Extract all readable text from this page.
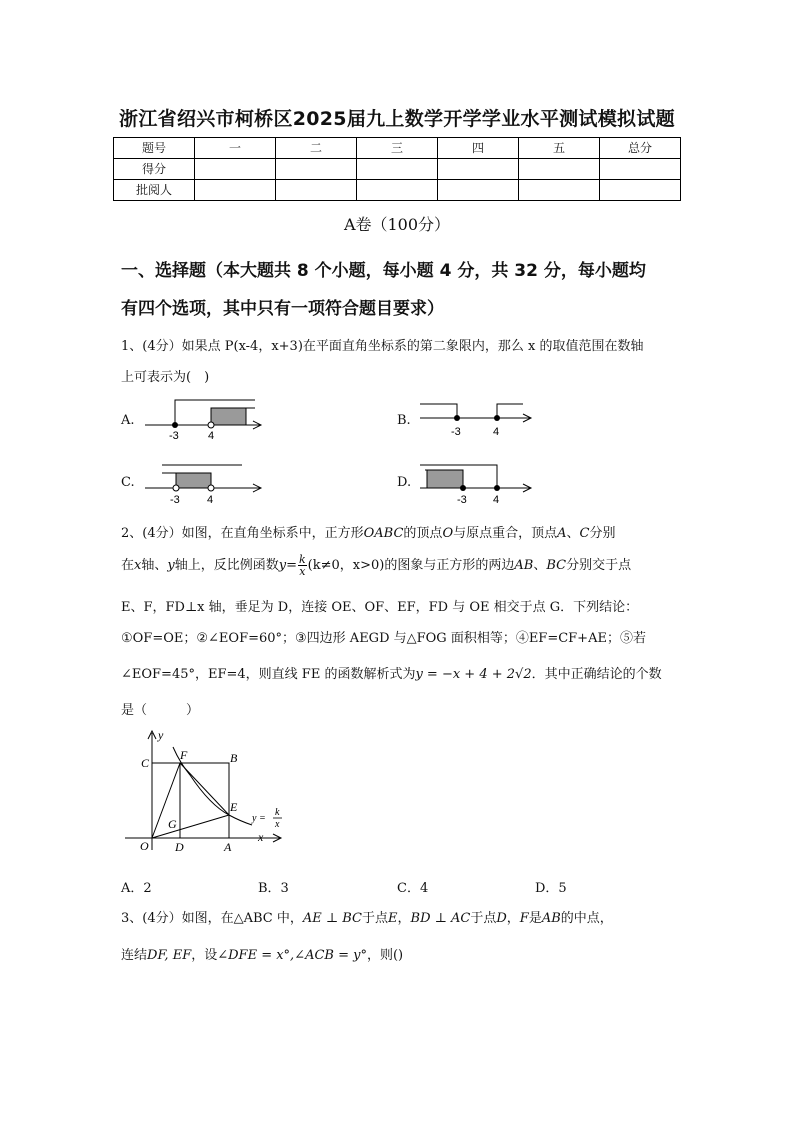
浙江省绍兴市柯桥区2025届九上数学开学学业水平测试模拟试题
题号	一	二	三	四	五	总分
得分						
批阅人						
A卷（100分）
一、选择题（本大题共 8 个小题，每小题 4 分，共 32 分，每小题均
有四个选项，其中只有一项符合题目要求）
1、(4分）如果点 P(x-4，x+3)在平面直角坐标系的第二象限内，那么 x 的取值范围在数轴
上可表示为(　)
A.
-3	4
B.
-3	4
C.
-3 4
D.
-3 4
2、(4分）如图，在直角坐标系中，正方形OABC的顶点O与原点重合，顶点A、C分别
在x轴、y轴上，反比例函数$y= \frac{k}{x} (k\ne 0$，x>0)的图象与正方形的两边AB、BC分别交于点
E、F，FD⊥x 轴，垂足为 D，连接 OE、OF、EF，FD 与 OE 相交于点 G．下列结论：
①OF=OE；②∠EOF=60°；③四边形 AEGD 与△FOG 面积相等；④EF=CF+AE；⑤若
∠EOF=45°，EF=4，则直线 FE 的函数解析式为y = −x + 4 + 2√2．其中正确结论的个数
是（　　　）
x
y
C
F	B
E
G
O D	A
y =
k
x
A．2	B．3	C．4	D．5
3、(4分）如图，在△ABC 中，AE ⊥ BC于点E，BD ⊥ AC于点D，F是AB的中点，
连结DF, EF，设∠DFE = x°,∠ACB = y°，则()
